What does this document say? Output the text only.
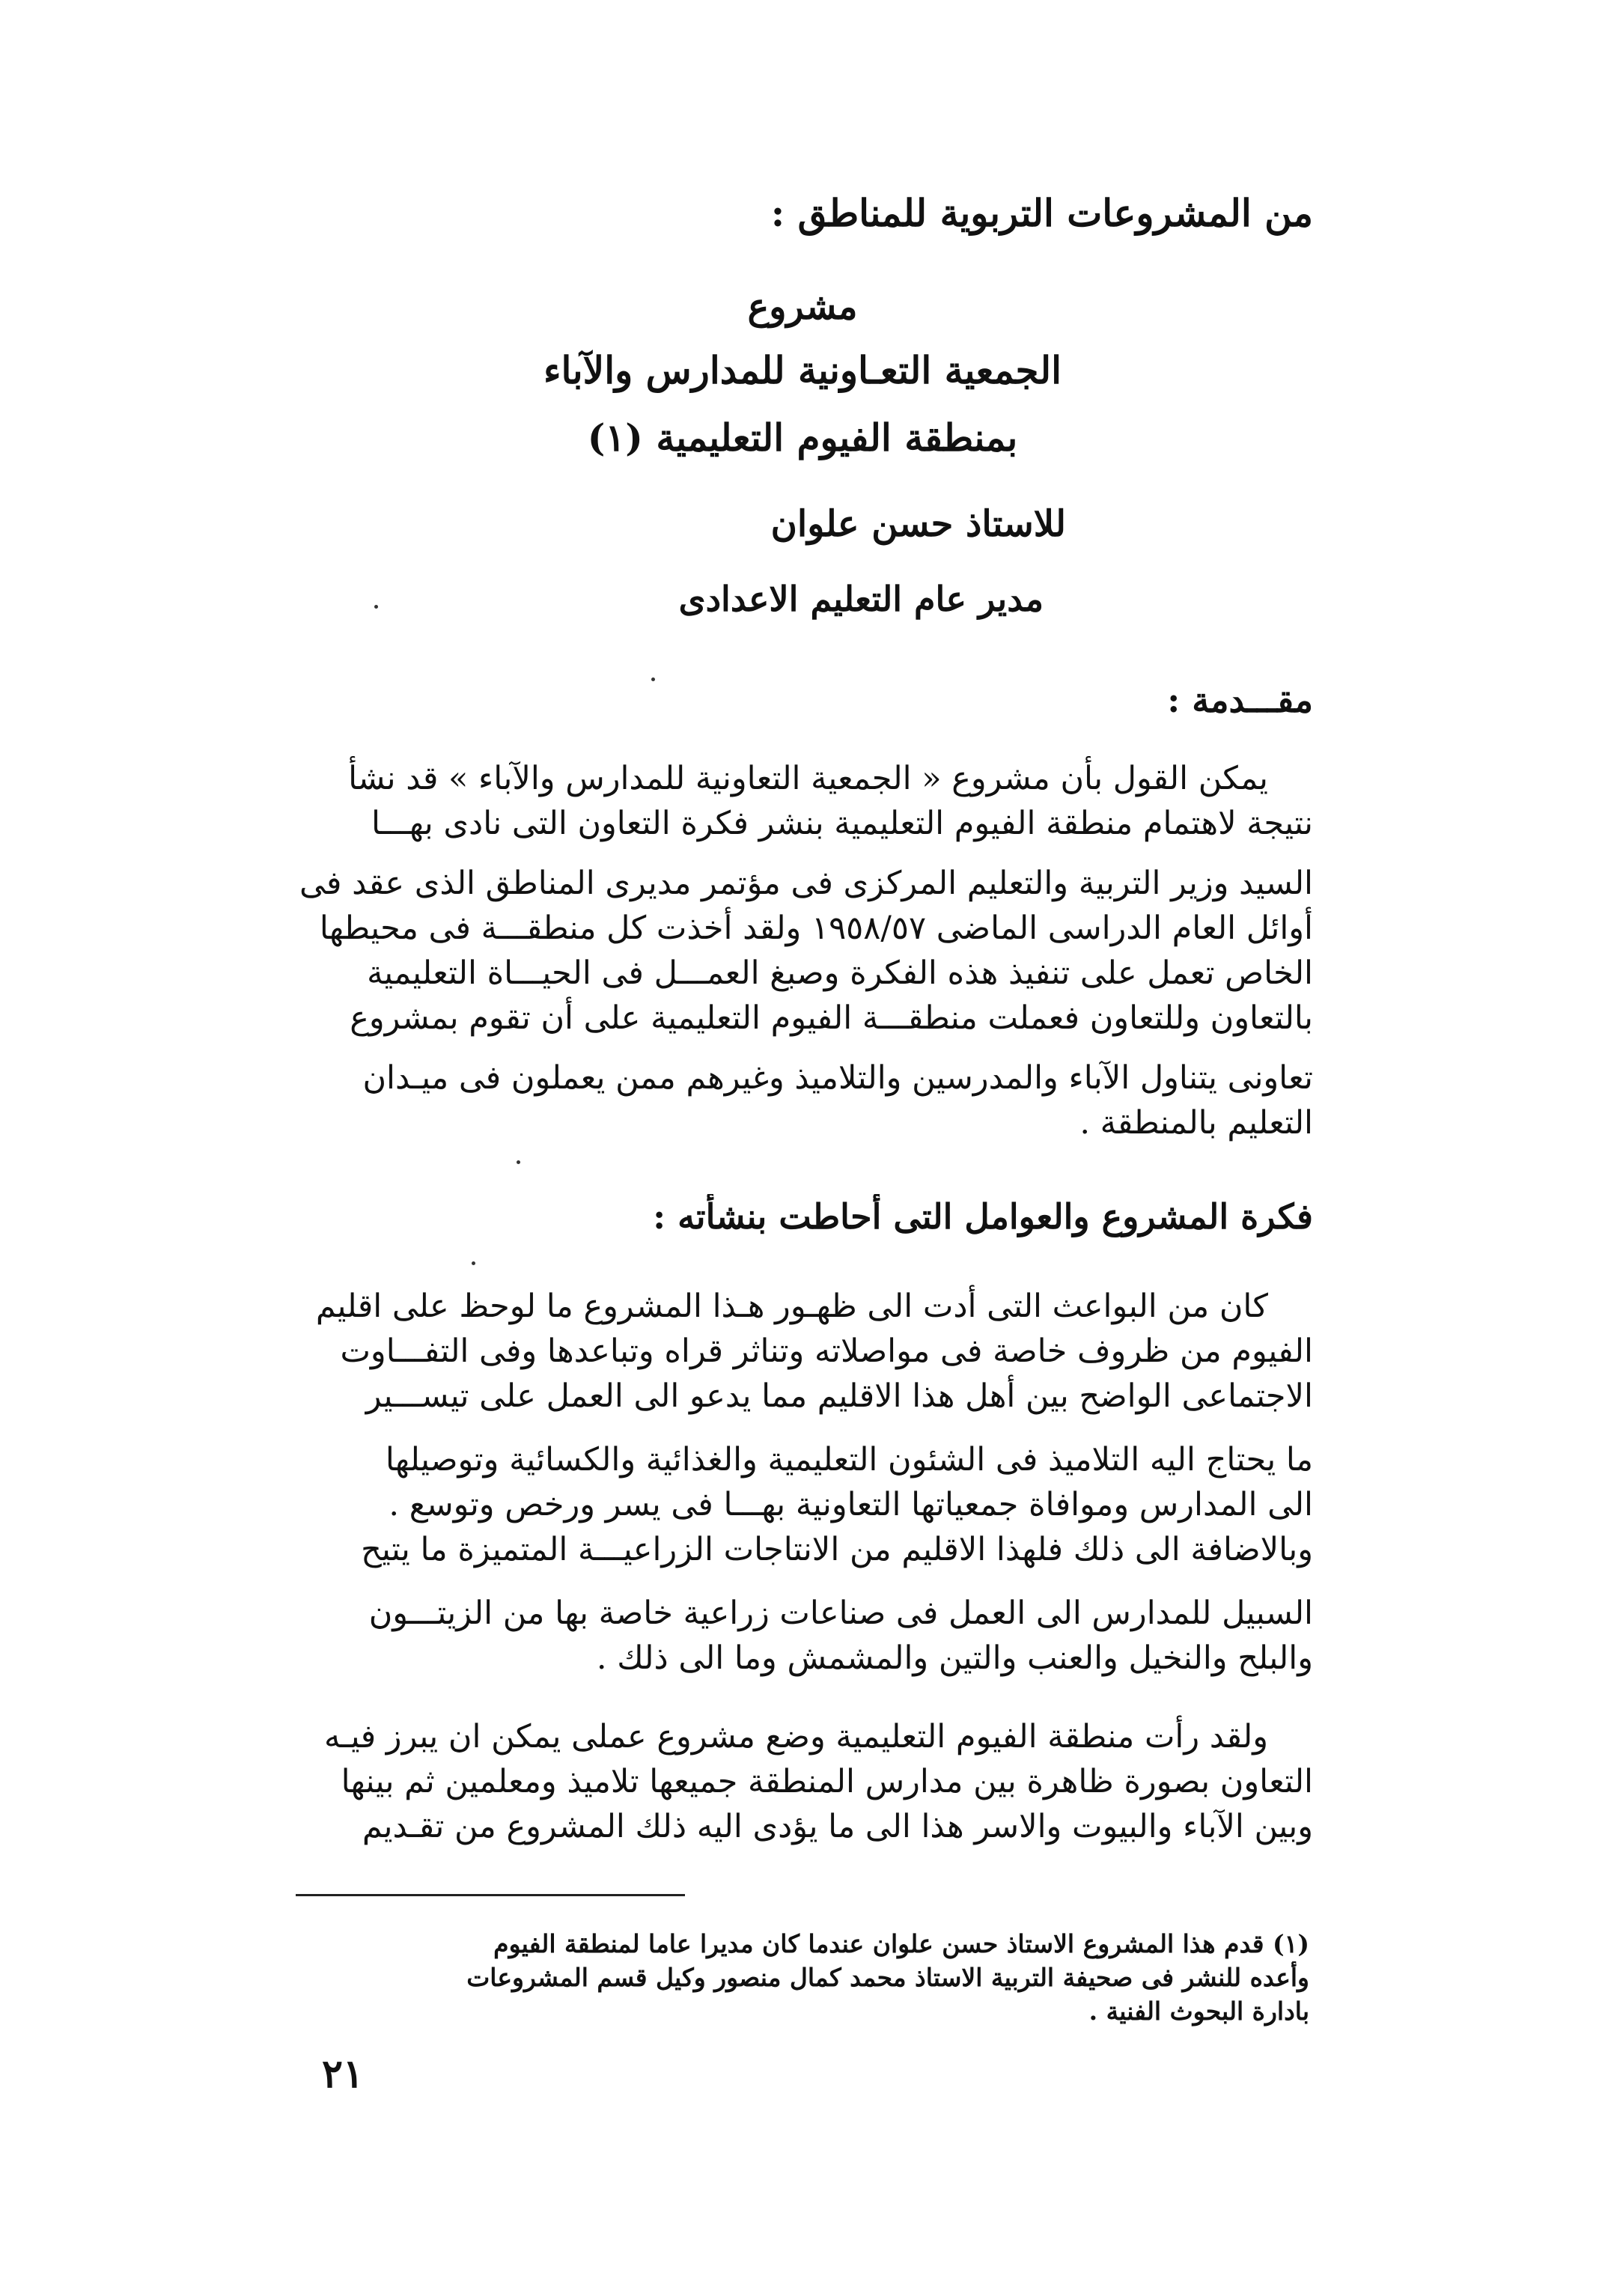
من المشروعات التربوية للمناطق :
مشروع
الجمعية التعـاونية للمدارس والآباء
بمنطقة الفيوم التعليمية (١)
للاستاذ حسن علوان
مدير عام التعليم الاعدادى
مقـــدمة :
يمكن القول بأن مشروع « الجمعية التعاونية للمدارس والآباء » قد نشأ
نتيجة لاهتمام منطقة الفيوم التعليمية بنشر فكرة التعاون التى نادى بهـــا
السيد وزير التربية والتعليم المركزى فى مؤتمر مديرى المناطق الذى عقد فى
أوائل العام الدراسى الماضى ١٩٥٨/٥٧ ولقد أخذت كل منطقـــة فى محيطها
الخاص تعمل على تنفيذ هذه الفكرة وصبغ العمـــل فى الحيـــاة التعليمية
بالتعاون وللتعاون فعملت منطقـــة الفيوم التعليمية على أن تقوم بمشروع
تعاونى يتناول الآباء والمدرسين والتلاميذ وغيرهم ممن يعملون فى ميـدان
التعليم بالمنطقة .
فكرة المشروع والعوامل التى أحاطت بنشأته :
كان من البواعث التى أدت الى ظهـور هـذا المشروع ما لوحظ على اقليم
الفيوم من ظروف خاصة فى مواصلاته وتناثر قراه وتباعدها وفى التفـــاوت
الاجتماعى الواضح بين أهل هذا الاقليم مما يدعو الى العمل على تيســـير
ما يحتاج اليه التلاميذ فى الشئون التعليمية والغذائية والكسائية وتوصيلها
الى المدارس وموافاة جمعياتها التعاونية بهـــا فى يسر ورخص وتوسع .
وبالاضافة الى ذلك فلهذا الاقليم من الانتاجات الزراعيـــة المتميزة ما يتيح
السبيل للمدارس الى العمل فى صناعات زراعية خاصة بها من الزيتـــون
والبلح والنخيل والعنب والتين والمشمش وما الى ذلك .
ولقد رأت منطقة الفيوم التعليمية وضع مشروع عملى يمكن ان يبرز فيـه
التعاون بصورة ظاهرة بين مدارس المنطقة جميعها تلاميذ ومعلمين ثم بينها
وبين الآباء والبيوت والاسر هذا الى ما يؤدى اليه ذلك المشروع من تقـديم
(١) قدم هذا المشروع الاستاذ حسن علوان عندما كان مديرا عاما لمنطقة الفيوم
وأعده للنشر فى صحيفة التربية الاستاذ محمد كمال منصور وكيل قسم المشروعات
بادارة البحوث الفنية .
٢١
